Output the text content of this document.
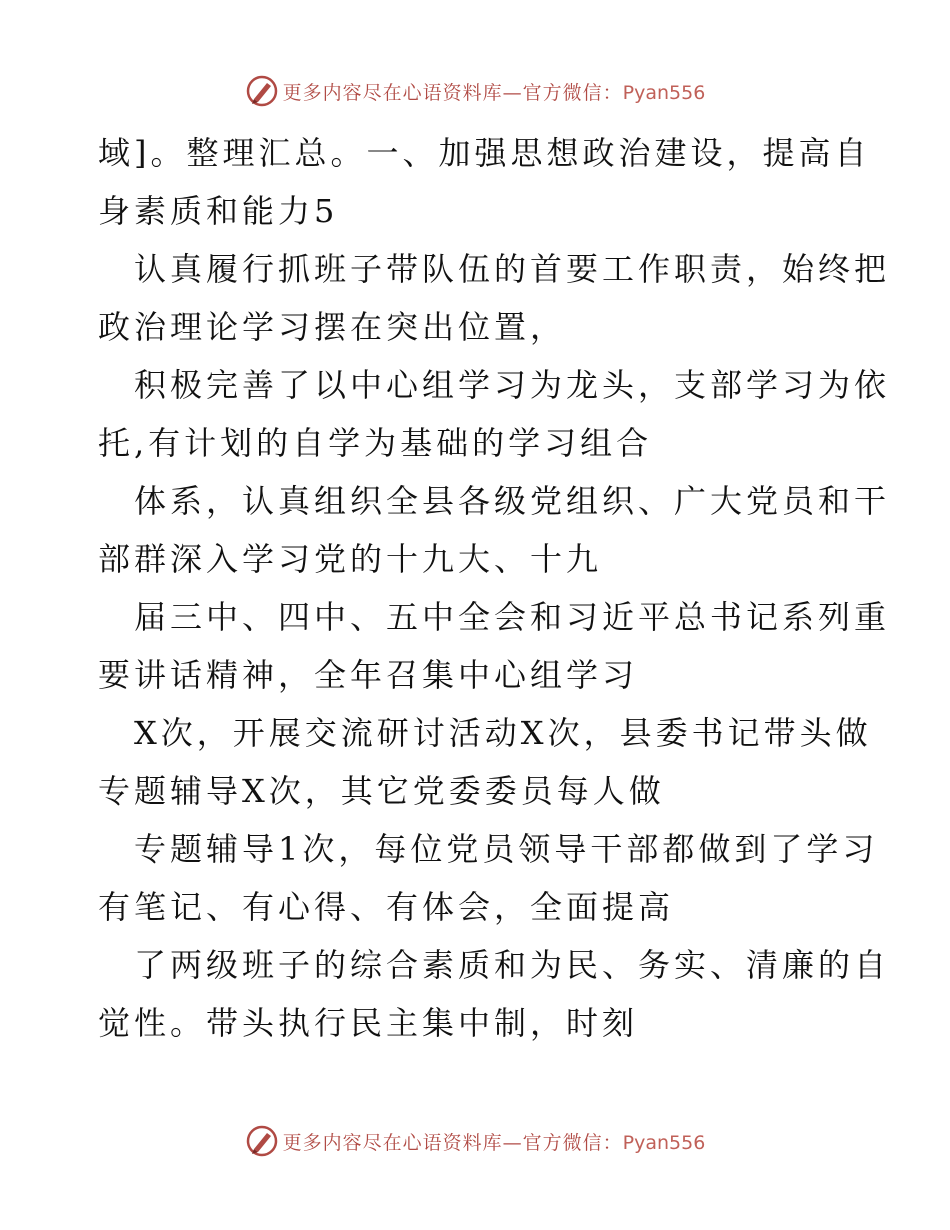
更多内容尽在心语资料库—官方微信：Pyan556
域]。整理汇总。一、加强思想政治建设，提高自
身素质和能力5
认真履行抓班子带队伍的首要工作职责，始终把
政治理论学习摆在突出位置，
积极完善了以中心组学习为龙头，支部学习为依
托,有计划的自学为基础的学习组合
体系，认真组织全县各级党组织、广大党员和干
部群深入学习党的十九大、十九
届三中、四中、五中全会和习近平总书记系列重
要讲话精神，全年召集中心组学习
X次，开展交流研讨活动X次，县委书记带头做
专题辅导X次，其它党委委员每人做
专题辅导1次，每位党员领导干部都做到了学习
有笔记、有心得、有体会，全面提高
了两级班子的综合素质和为民、务实、清廉的自
觉性。带头执行民主集中制，时刻
更多内容尽在心语资料库—官方微信：Pyan556
